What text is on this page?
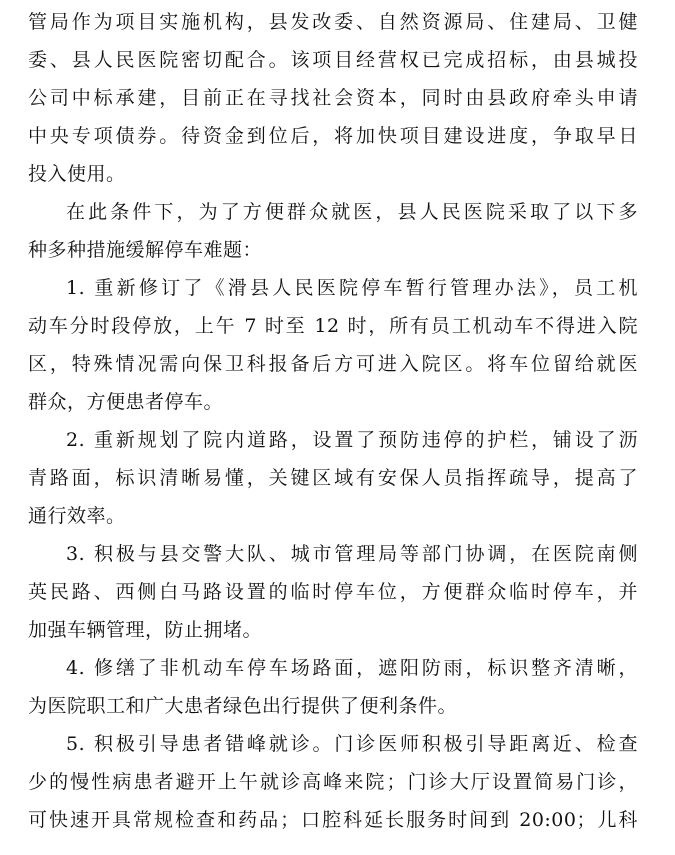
管局作为项目实施机构，县发改委、自然资源局、住建局、卫健
委、县人民医院密切配合。该项目经营权已完成招标，由县城投
公司中标承建，目前正在寻找社会资本，同时由县政府牵头申请
中央专项债券。待资金到位后，将加快项目建设进度，争取早日
投入使用。
在此条件下，为了方便群众就医，县人民医院采取了以下多
种多种措施缓解停车难题：
1. 重新修订了《滑县人民医院停车暂行管理办法》，员工机
动车分时段停放，上午 7 时至 12 时，所有员工机动车不得进入院
区，特殊情况需向保卫科报备后方可进入院区。将车位留给就医
群众，方便患者停车。
2. 重新规划了院内道路，设置了预防违停的护栏，铺设了沥
青路面，标识清晰易懂，关键区域有安保人员指挥疏导，提高了
通行效率。
3. 积极与县交警大队、城市管理局等部门协调，在医院南侧
英民路、西侧白马路设置的临时停车位，方便群众临时停车，并
加强车辆管理，防止拥堵。
4. 修缮了非机动车停车场路面，遮阳防雨，标识整齐清晰，
为医院职工和广大患者绿色出行提供了便利条件。
5. 积极引导患者错峰就诊。门诊医师积极引导距离近、检查
少的慢性病患者避开上午就诊高峰来院；门诊大厅设置简易门诊，
可快速开具常规检查和药品；口腔科延长服务时间到 20:00；儿科
